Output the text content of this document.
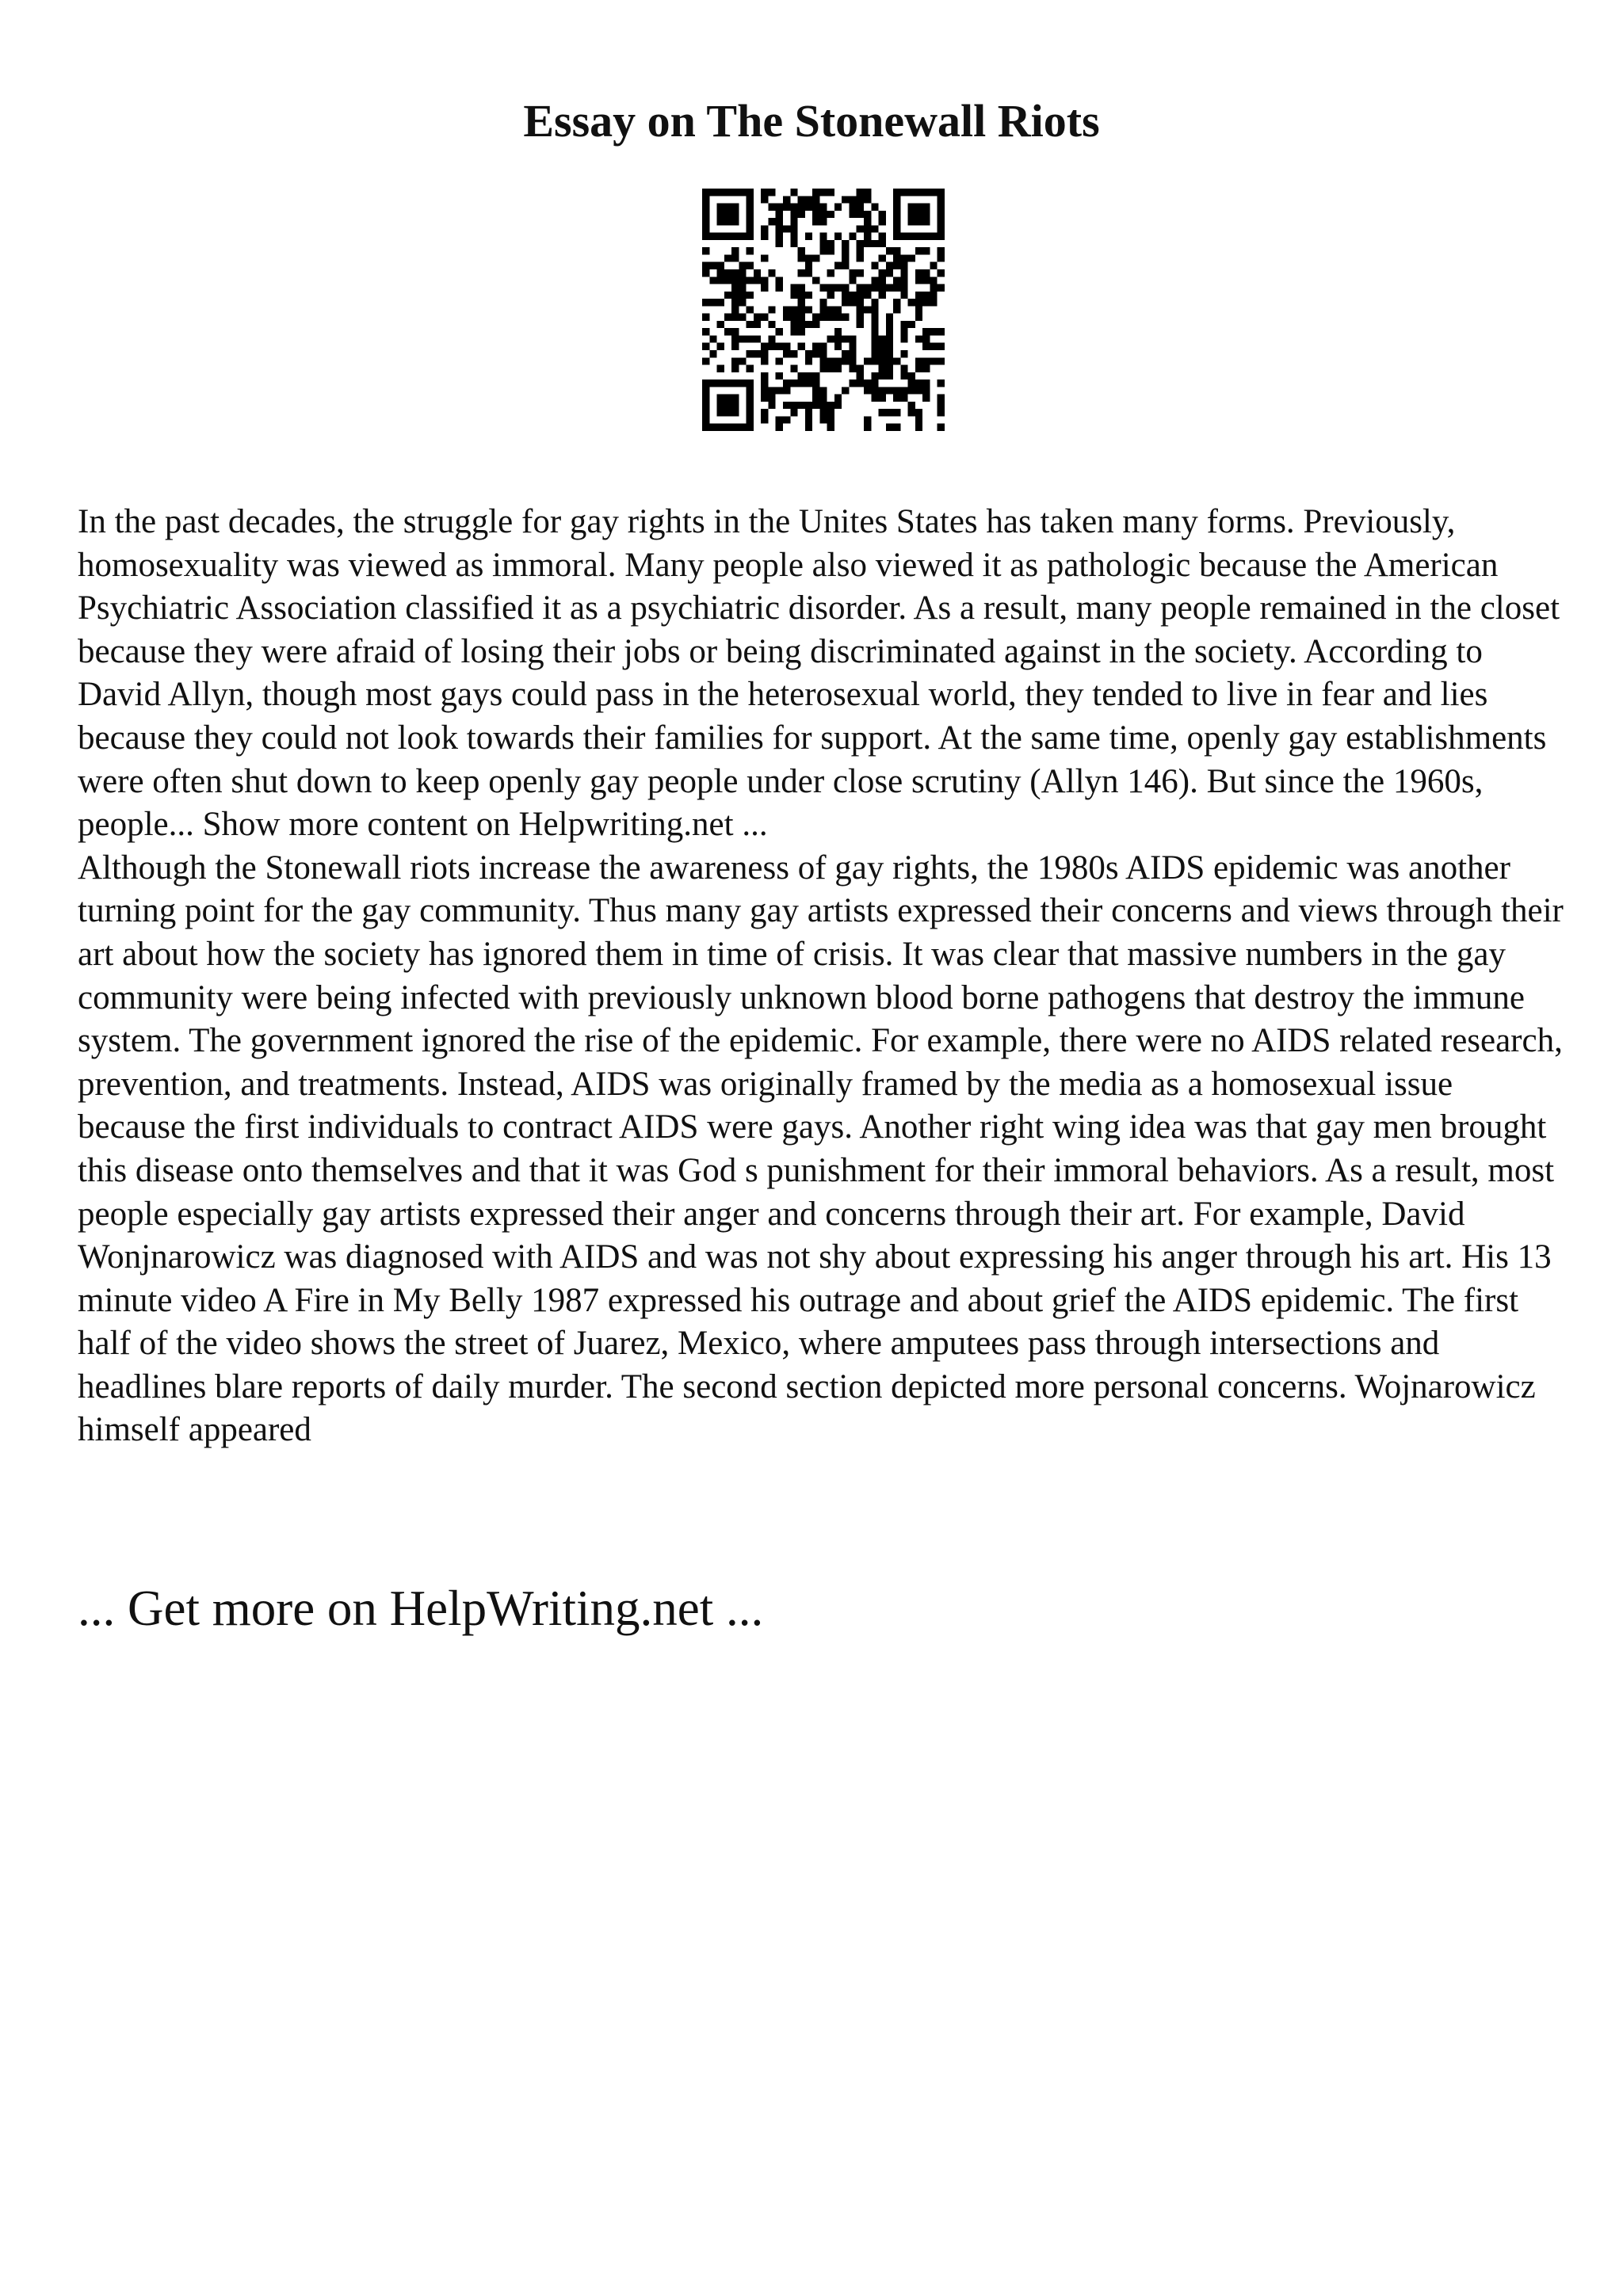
Essay on The Stonewall Riots

In the past decades, the struggle for gay rights in the Unites States has taken many forms. Previously, homosexuality was viewed as immoral. Many people also viewed it as pathologic because the American Psychiatric Association classified it as a psychiatric disorder. As a result, many people remained in the closet because they were afraid of losing their jobs or being discriminated against in the society. According to David Allyn, though most gays could pass in the heterosexual world, they tended to live in fear and lies because they could not look towards their families for support. At the same time, openly gay establishments were often shut down to keep openly gay people under close scrutiny (Allyn 146). But since the 1960s, people... Show more content on Helpwriting.net ...

Although the Stonewall riots increase the awareness of gay rights, the 1980s AIDS epidemic was another turning point for the gay community. Thus many gay artists expressed their concerns and views through their art about how the society has ignored them in time of crisis. It was clear that massive numbers in the gay community were being infected with previously unknown blood borne pathogens that destroy the immune system. The government ignored the rise of the epidemic. For example, there were no AIDS related research, prevention, and treatments. Instead, AIDS was originally framed by the media as a homosexual issue because the first individuals to contract AIDS were gays. Another right wing idea was that gay men brought this disease onto themselves and that it was God s punishment for their immoral behaviors. As a result, most people especially gay artists expressed their anger and concerns through their art. For example, David Wonjnarowicz was diagnosed with AIDS and was not shy about expressing his anger through his art. His 13 minute video A Fire in My Belly 1987 expressed his outrage and about grief the AIDS epidemic. The first half of the video shows the street of Juarez, Mexico, where amputees pass through intersections and headlines blare reports of daily murder. The second section depicted more personal concerns. Wojnarowicz himself appeared

... Get more on HelpWriting.net ...
